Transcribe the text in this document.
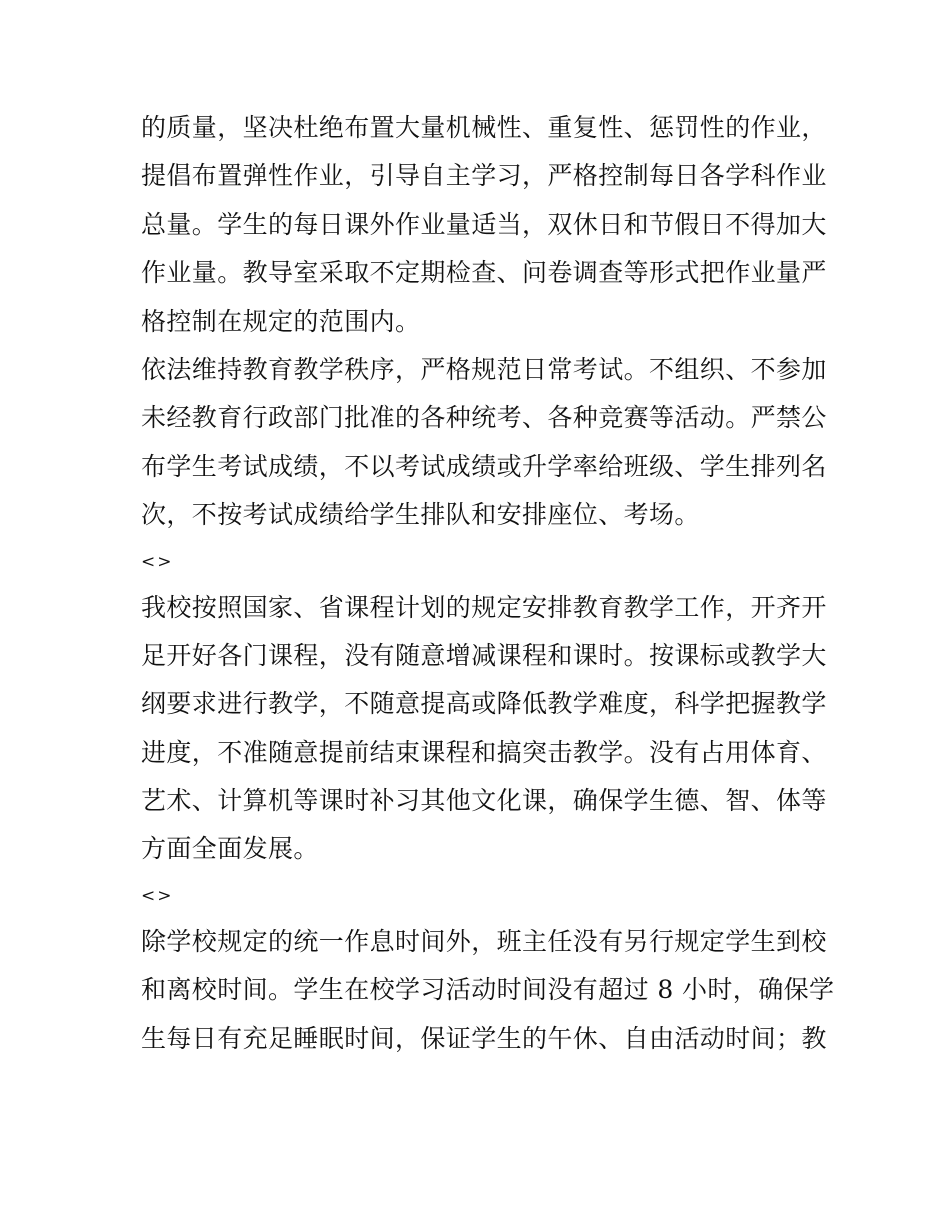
的质量，坚决杜绝布置大量机械性、重复性、惩罚性的作业，
提倡布置弹性作业，引导自主学习，严格控制每日各学科作业
总量。学生的每日课外作业量适当，双休日和节假日不得加大
作业量。教导室采取不定期检查、问卷调查等形式把作业量严
格控制在规定的范围内。
依法维持教育教学秩序，严格规范日常考试。不组织、不参加
未经教育行政部门批准的各种统考、各种竞赛等活动。严禁公
布学生考试成绩，不以考试成绩或升学率给班级、学生排列名
次，不按考试成绩给学生排队和安排座位、考场。
<>
我校按照国家、省课程计划的规定安排教育教学工作，开齐开
足开好各门课程，没有随意增减课程和课时。按课标或教学大
纲要求进行教学，不随意提高或降低教学难度，科学把握教学
进度，不准随意提前结束课程和搞突击教学。没有占用体育、
艺术、计算机等课时补习其他文化课，确保学生德、智、体等
方面全面发展。
<>
除学校规定的统一作息时间外，班主任没有另行规定学生到校
和离校时间。学生在校学习活动时间没有超过 8 小时，确保学
生每日有充足睡眠时间，保证学生的午休、自由活动时间；教
